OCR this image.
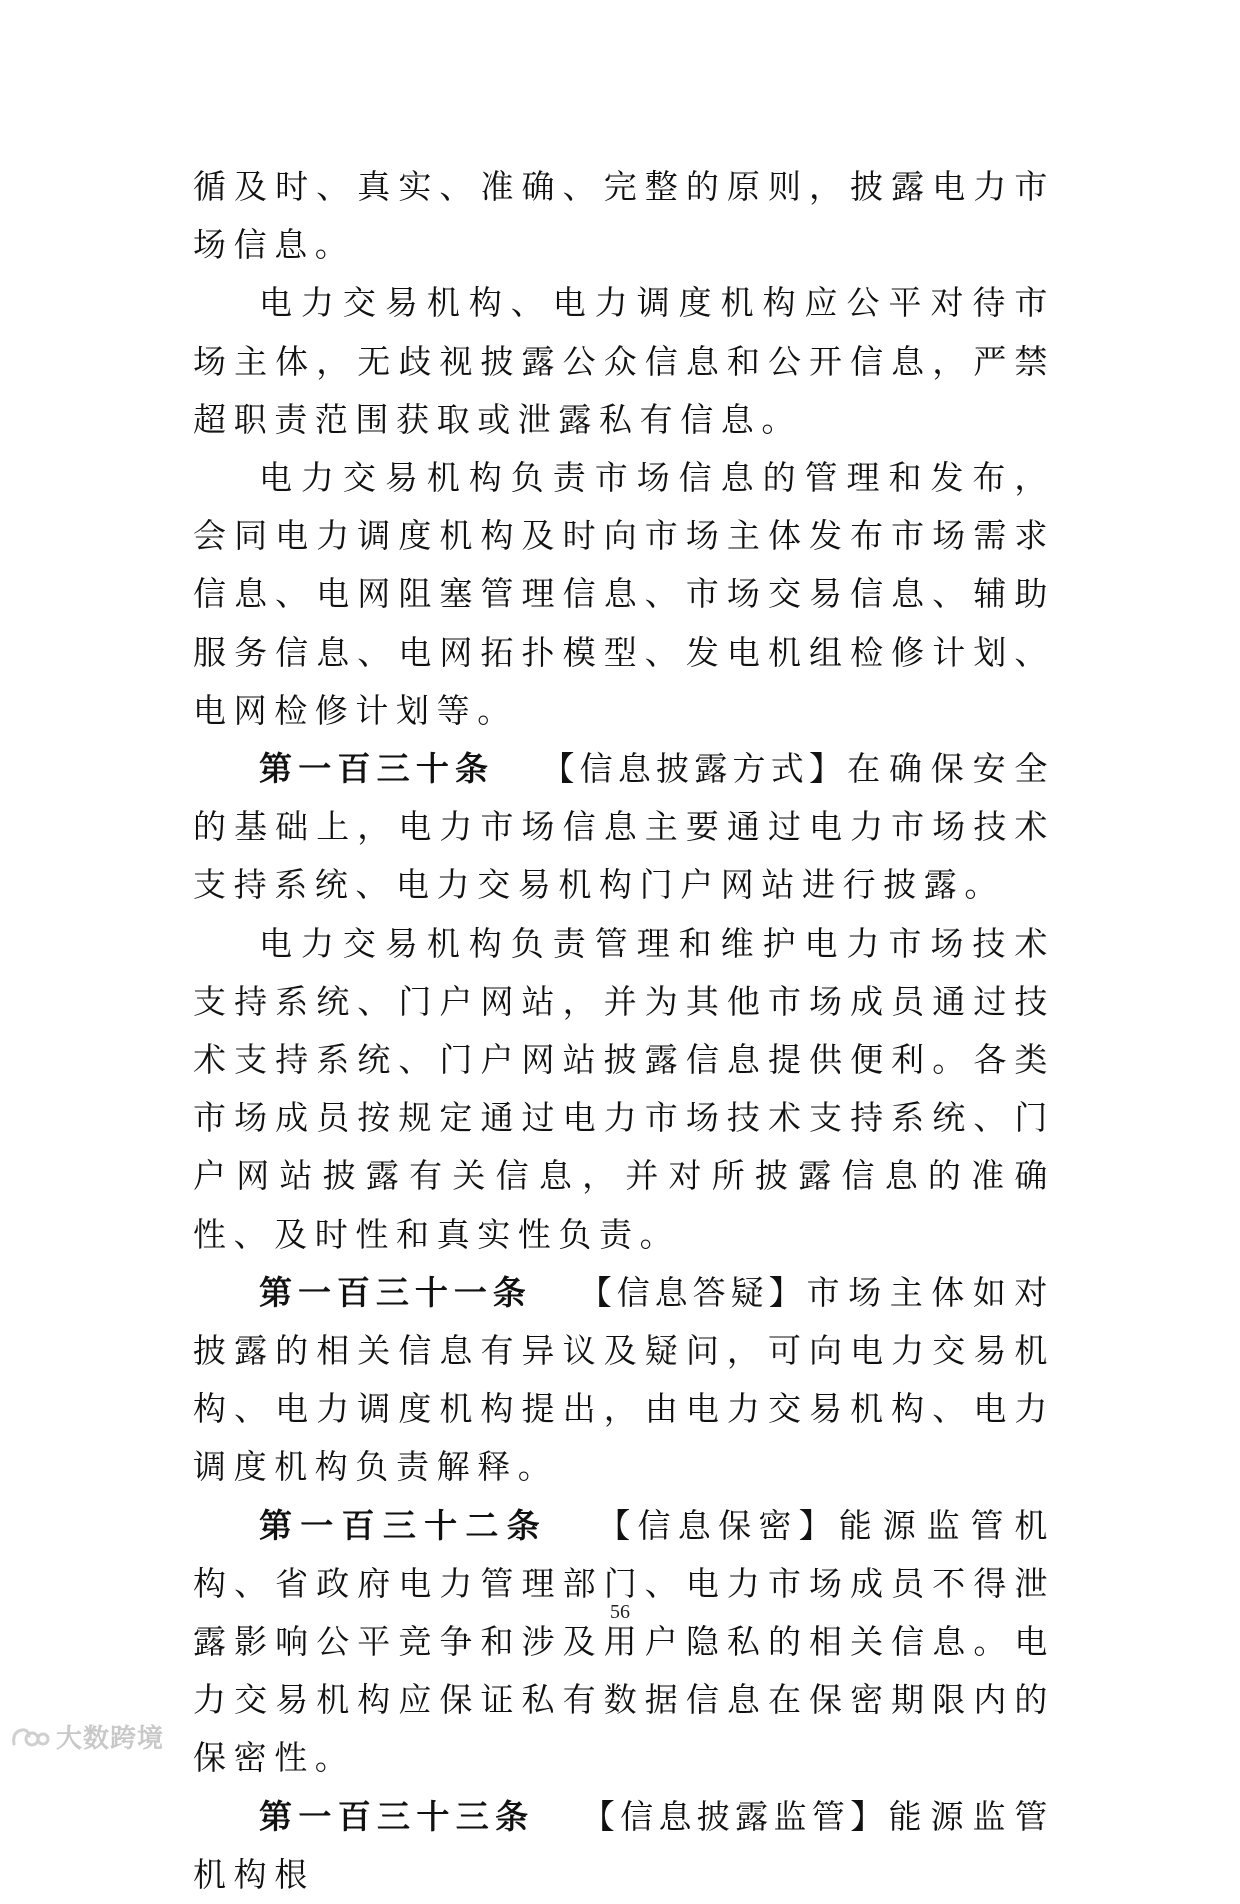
循及时、真实、准确、完整的原则，披露电力市场信息。

电力交易机构、电力调度机构应公平对待市场主体，无歧视披露公众信息和公开信息，严禁超职责范围获取或泄露私有信息。

电力交易机构负责市场信息的管理和发布，会同电力调度机构及时向市场主体发布市场需求信息、电网阻塞管理信息、市场交易信息、辅助服务信息、电网拓扑模型、发电机组检修计划、电网检修计划等。

第一百三十条 【信息披露方式】在确保安全的基础上，电力市场信息主要通过电力市场技术支持系统、电力交易机构门户网站进行披露。

电力交易机构负责管理和维护电力市场技术支持系统、门户网站，并为其他市场成员通过技术支持系统、门户网站披露信息提供便利。各类市场成员按规定通过电力市场技术支持系统、门户网站披露有关信息，并对所披露信息的准确性、及时性和真实性负责。

第一百三十一条 【信息答疑】市场主体如对披露的相关信息有异议及疑问，可向电力交易机构、电力调度机构提出，由电力交易机构、电力调度机构负责解释。

第一百三十二条 【信息保密】能源监管机构、省政府电力管理部门、电力市场成员不得泄露影响公平竞争和涉及用户隐私的相关信息。电力交易机构应保证私有数据信息在保密期限内的保密性。

第一百三十三条 【信息披露监管】能源监管机构根

56
大数跨境
